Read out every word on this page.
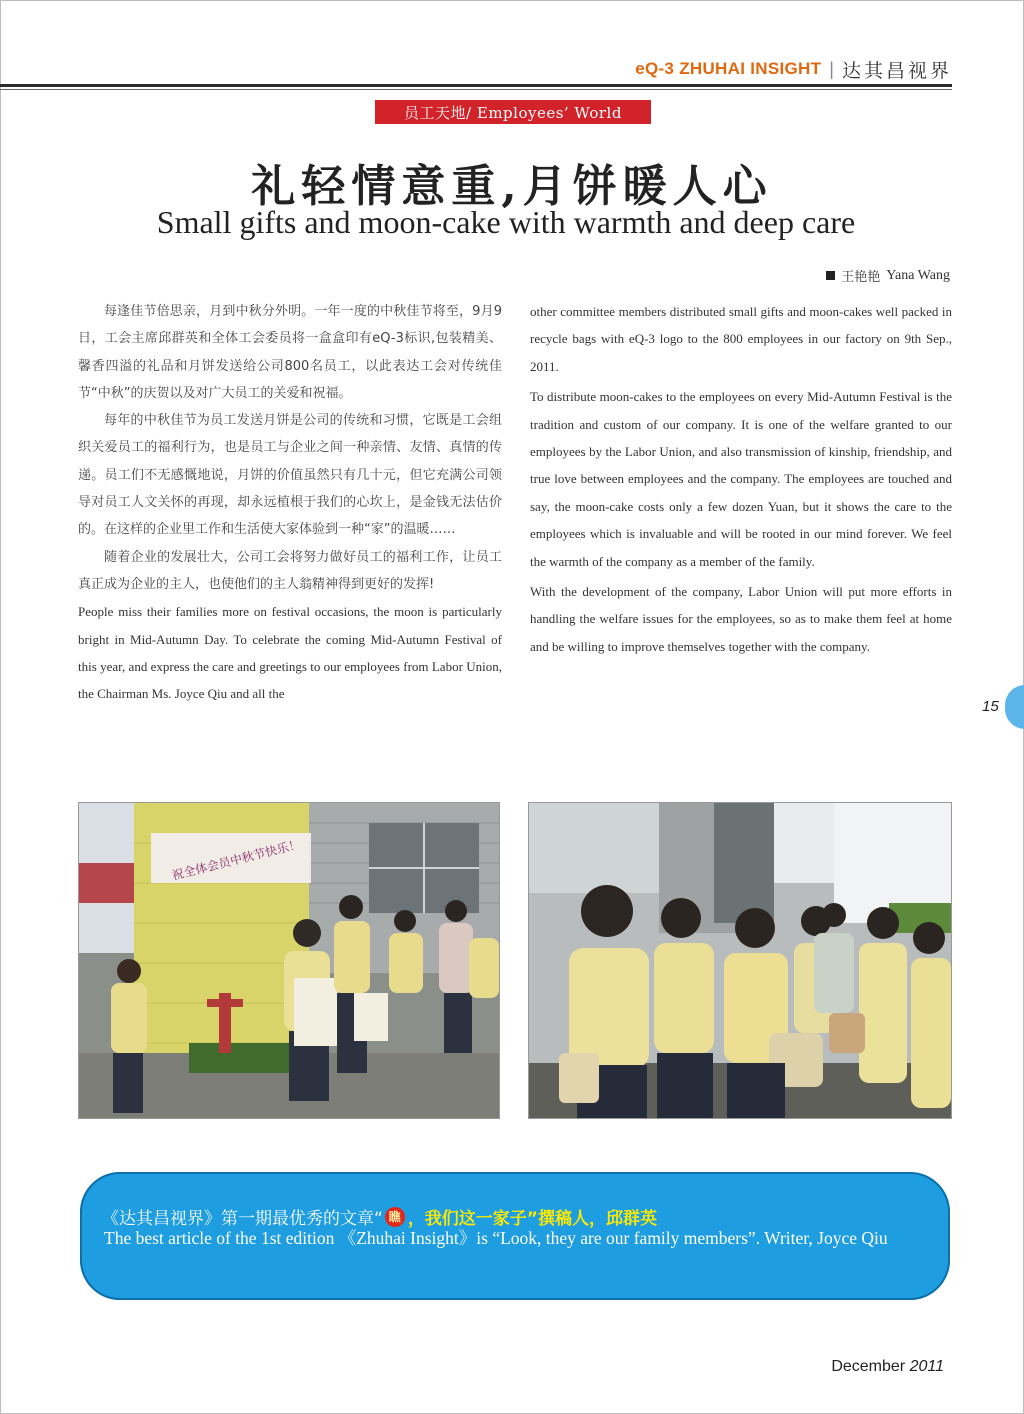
eQ-3 ZHUHAI INSIGHT | 达其昌视界
员工天地/ Employees’ World
礼轻情意重,月饼暖人心
Small gifts and moon-cake with warmth and deep care
王艳艳 Yana Wang

每逢佳节倍思亲，月到中秋分外明。一年一度的中秋佳节将至，9月9日，工会主席邱群英和全体工会委员将一盒盒印有eQ-3标识,包装精美、馨香四溢的礼品和月饼发送给公司800名员工，以此表达工会对传统佳节“中秋”的庆贺以及对广大员工的关爱和祝福。

每年的中秋佳节为员工发送月饼是公司的传统和习惯，它既是工会组织关爱员工的福利行为，也是员工与企业之间一种亲情、友情、真情的传递。员工们不无感慨地说，月饼的价值虽然只有几十元，但它充满公司领导对员工人文关怀的再现，却永远植根于我们的心坎上，是金钱无法估价的。在这样的企业里工作和生活使大家体验到一种“家”的温暖……

随着企业的发展壮大，公司工会将努力做好员工的福利工作，让员工真正成为企业的主人，也使他们的主人翁精神得到更好的发挥!

People miss their families more on festival occasions, the moon is particularly bright in Mid-Autumn Day. To celebrate the coming Mid-Autumn Festival of this year, and express the care and greetings to our employees from Labor Union, the Chairman Ms. Joyce Qiu and all the

other committee members distributed small gifts and moon-cakes well packed in recycle bags with eQ-3 logo to the 800 employees in our factory on 9th Sep., 2011.

To distribute moon-cakes to the employees on every Mid-Autumn Festival is the tradition and custom of our company. It is one of the welfare granted to our employees by the Labor Union, and also transmission of kinship, friendship, and true love between employees and the company. The employees are touched and say, the moon-cake costs only a few dozen Yuan, but it shows the care to the employees which is invaluable and will be rooted in our mind forever. We feel the warmth of the company as a member of the family.

With the development of the company, Labor Union will put more efforts in handling the welfare issues for the employees, so as to make them feel at home and be willing to improve themselves together with the company.

15
祝全体会员中秋节快乐！
《达其昌视界》第一期最优秀的文章“ 瞧 ，我们这一家子”撰稿人，邱群英
The best article of the 1st edition 《Zhuhai Insight》is “Look, they are our family members”. Writer, Joyce Qiu
December 2011
